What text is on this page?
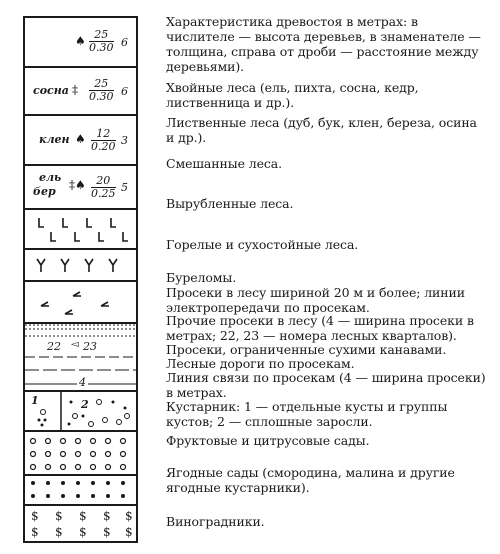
♠ $\frac{25}{0.30} 6$
сосна ‡ $\frac{25}{0.30} 6$
клен ♠ $\frac{12}{0.20} 3$
ель
бер ‡♠ $\frac{20}{0.25} 5$
22 ◅ 23
4
1	2
$ $ $ $ $
$ $ $ $ $
Характеристика древостоя в метрах: в числителе — высота деревьев, в знаменателе — толщина, справа от дроби — расстояние между деревьями).
Хвойные леса (ель, пихта, сосна, кедр, лиственница и др.).
Лиственные леса (дуб, бук, клен, береза, осина и др.).
Смешанные леса.
Вырубленные леса.
Горелые и сухостойные леса.
Буреломы.
Просеки в лесу шириной 20 м и более; линии электропередачи по просекам.
Прочие просеки в лесу (4 — ширина просеки в метрах; 22, 23 — номера лесных кварталов).
Просеки, ограниченные сухими канавами.
Лесные дороги по просекам.
Линия связи по просекам (4 — ширина просеки) в метрах.
Кустарник: 1 — отдельные кусты и группы кустов; 2 — сплошные заросли.
Фруктовые и цитрусовые сады.
Ягодные сады (смородина, малина и другие ягодные кустарники).
Виноградники.
